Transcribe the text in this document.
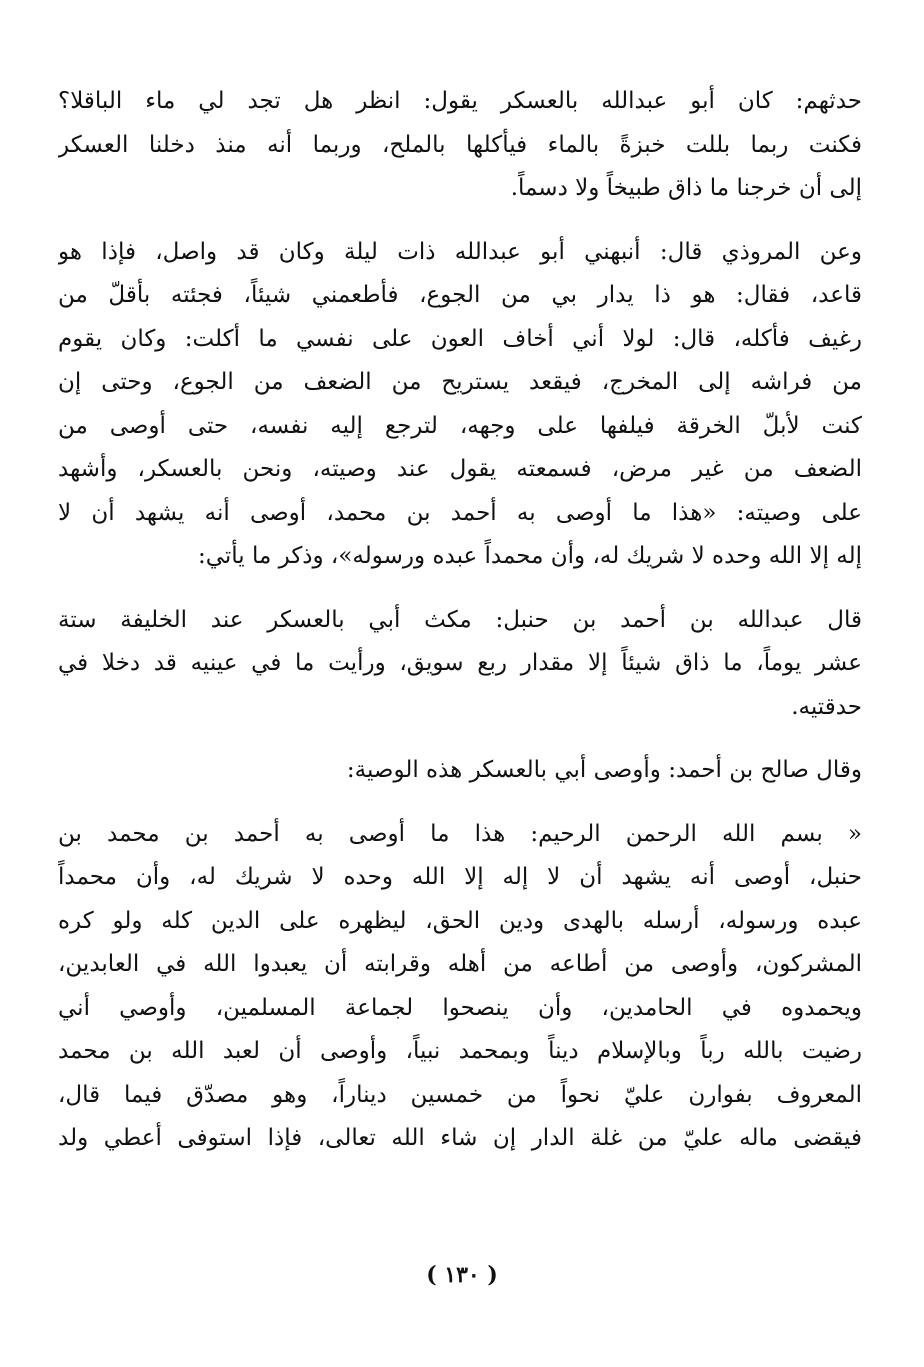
حدثهم: كان أبو عبدالله بالعسكر يقول: انظر هل تجد لي ماء الباقلا؟
فكنت ربما بللت خبزةً بالماء فيأكلها بالملح، وربما أنه منذ دخلنا العسكر
إلى أن خرجنا ما ذاق طبيخاً ولا دسماً.
وعن المروذي قال: أنبهني أبو عبدالله ذات ليلة وكان قد واصل، فإذا هو
قاعد، فقال: هو ذا يدار بي من الجوع، فأطعمني شيئاً، فجئته بأقلّ من
رغيف فأكله، قال: لولا أني أخاف العون على نفسي ما أكلت: وكان يقوم
من فراشه إلى المخرج، فيقعد يستريح من الضعف من الجوع، وحتى إن
كنت لأبلّ الخرقة فيلفها على وجهه، لترجع إليه نفسه، حتى أوصى من
الضعف من غير مرض، فسمعته يقول عند وصيته، ونحن بالعسكر، وأشهد
على وصيته: «هذا ما أوصى به أحمد بن محمد، أوصى أنه يشهد أن لا
إله إلا الله وحده لا شريك له، وأن محمداً عبده ورسوله»، وذكر ما يأتي:
قال عبدالله بن أحمد بن حنبل: مكث أبي بالعسكر عند الخليفة ستة
عشر يوماً، ما ذاق شيئاً إلا مقدار ربع سويق، ورأيت ما في عينيه قد دخلا في
حدقتيه.
وقال صالح بن أحمد: وأوصى أبي بالعسكر هذه الوصية:
« بسم الله الرحمن الرحيم: هذا ما أوصى به أحمد بن محمد بن
حنبل، أوصى أنه يشهد أن لا إله إلا الله وحده لا شريك له، وأن محمداً
عبده ورسوله، أرسله بالهدى ودين الحق، ليظهره على الدين كله ولو كره
المشركون، وأوصى من أطاعه من أهله وقرابته أن يعبدوا الله في العابدين،
ويحمدوه في الحامدين، وأن ينصحوا لجماعة المسلمين، وأوصي أني
رضيت بالله رباً وبالإسلام ديناً وبمحمد نبياً، وأوصى أن لعبد الله بن محمد
المعروف بفوارن عليّ نحواً من خمسين ديناراً، وهو مصدّق فيما قال،
فيقضى ماله عليّ من غلة الدار إن شاء الله تعالى، فإذا استوفى أعطي ولد
( ١٣٠ )
